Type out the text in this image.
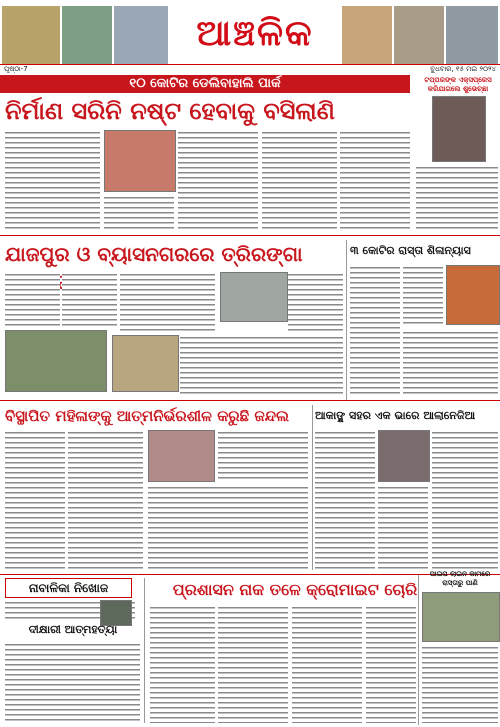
ଆଞ୍ଚଳିକ
ପୃଷ୍ଠା-7	ବୁଧବାର, ୧୫ ମଇ ୨୦୨୪
୧୦ କୋଟିର ଡେଲିବାହାଲି ପାର୍କ
ନିର୍ମାଣ ସରିନି ନଷ୍ଟ ହେବାକୁ ବସିଲାଣି
ଟପ୍ପରଙ୍କ ଏକ୍ସପ୍ରେସ କରିଯାଗଲେ ଶୁଭେଚ୍ଛା
ଯାଜପୁର ଓ ବ୍ୟାସନଗରରେ ତ୍ରିରଙ୍ଗା	୩ କୋଟିର ରାସ୍ତା ଶିଳାନ୍ୟାସ
ବିସ୍ଥାପିତ ମହିଳାଙ୍କୁ ଆତ୍ମନିର୍ଭରଶୀଳ କରୁଛି ଜନ୍ଦଲ	ଆକାଙ୍କ୍ଷ ସହର ଏକ ଭାରେ ଆଲାନେଜିଆ
ନାବାଳିକା ନିଖୋଜ
ଦୀକ୍ଷାରୀ ଆତ୍ମହତ୍ୟା
ପ୍ରଶାସନ ନାକ ତଳେ କ୍ରୋମାଇଟ ଚୋରି
ପାଇପ ଲାଇନ କାମରେ ରାସ୍ତାରୁ ପାଣି
